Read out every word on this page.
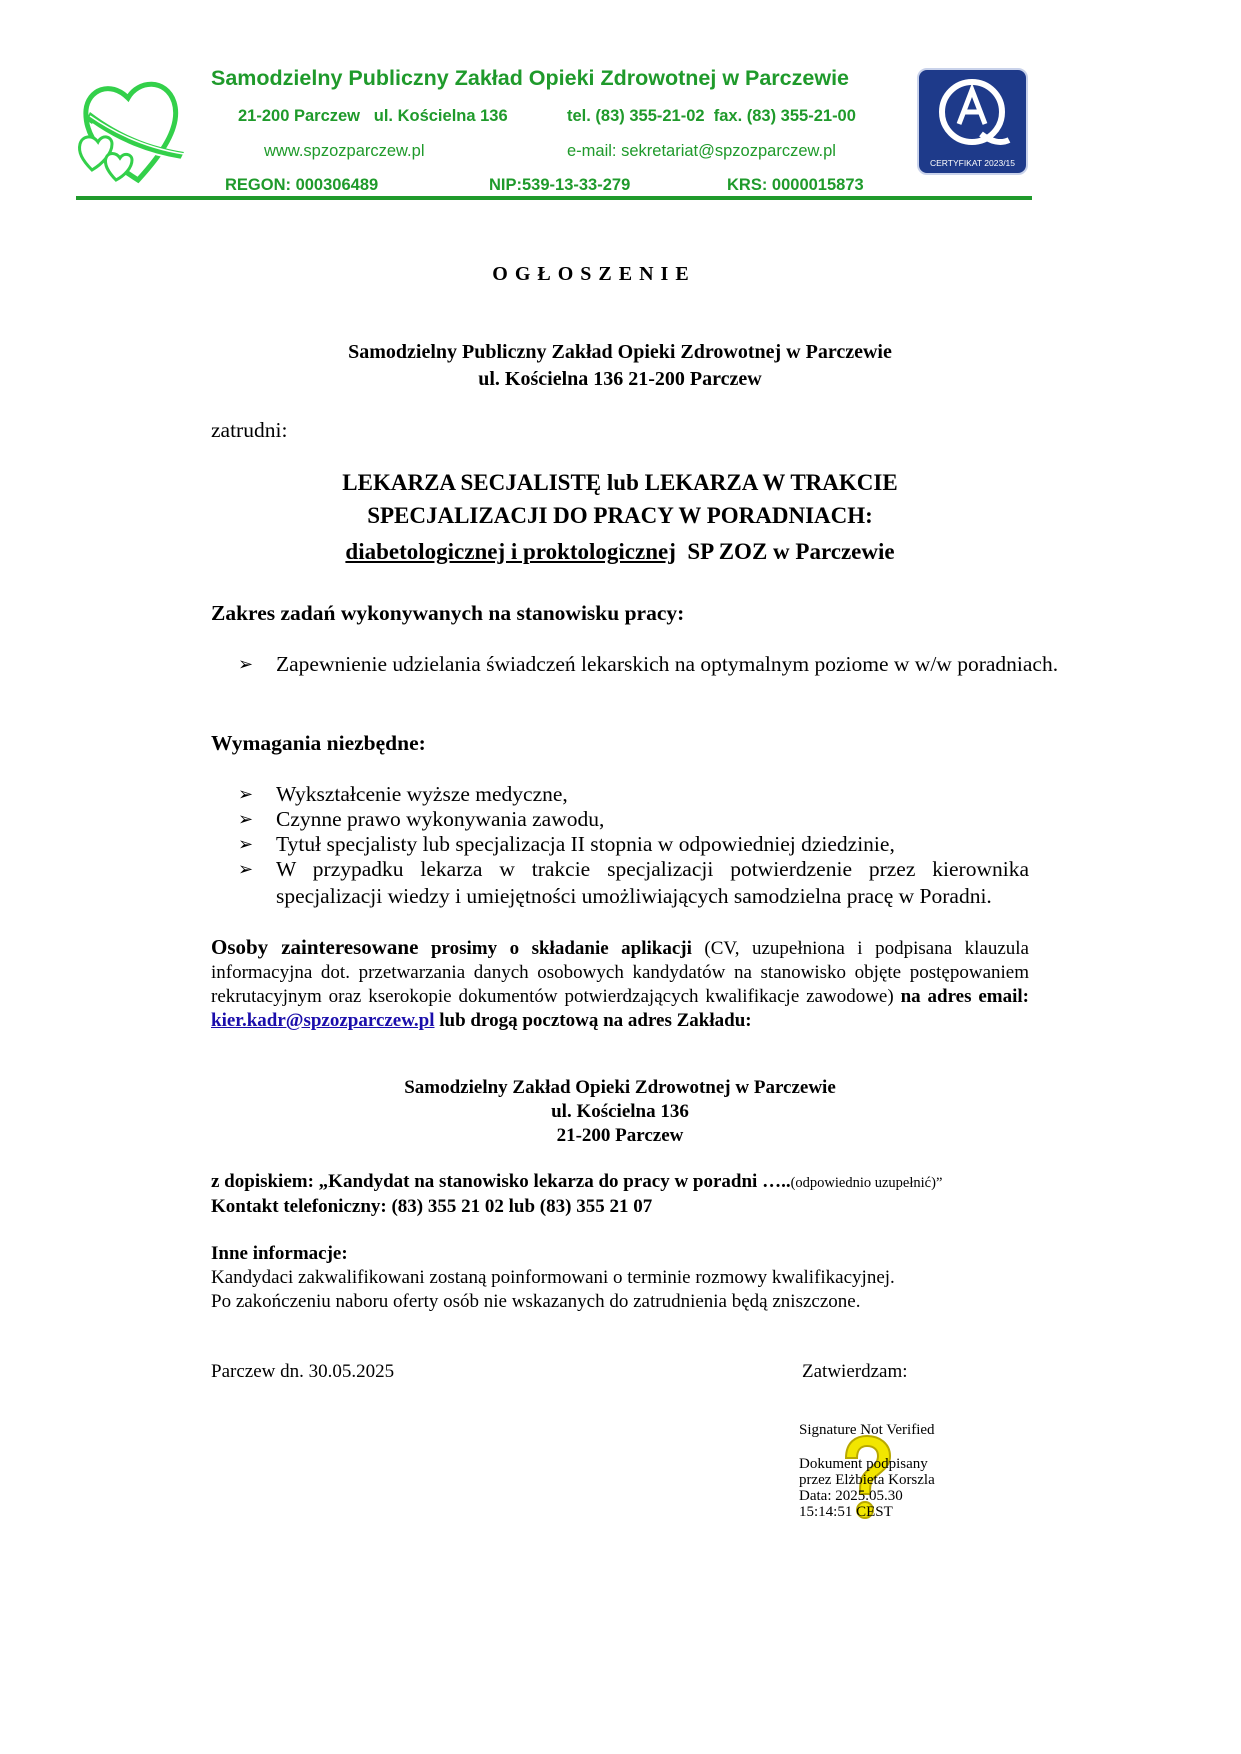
Samodzielny Publiczny Zakład Opieki Zdrowotnej w Parczewie
21-200 Parczew   ul. Kościelna 136	tel. (83) 355-21-02  fax. (83) 355-21-00
www.spzozparczew.pl	e-mail: sekretariat@spzozparczew.pl
REGON: 000306489	NIP:539-13-33-279	KRS: 0000015873
CERTYFIKAT 2023/15
O G Ł O S Z E N I E
Samodzielny Publiczny Zakład Opieki Zdrowotnej w Parczewie
ul. Kościelna 136 21-200 Parczew
zatrudni:
LEKARZA SECJALISTĘ lub LEKARZA W TRAKCIE
SPECJALIZACJI DO PRACY W PORADNIACH:
diabetologicznej i proktologicznej  SP ZOZ w Parczewie
Zakres zadań wykonywanych na stanowisku pracy:
➢ Zapewnienie udzielania świadczeń lekarskich na optymalnym poziome w w/w poradniach.
Wymagania niezbędne:
➢ Wykształcenie wyższe medyczne,
➢ Czynne prawo wykonywania zawodu,
➢ Tytuł specjalisty lub specjalizacja II stopnia w odpowiedniej dziedzinie,
➢ W przypadku lekarza w trakcie specjalizacji potwierdzenie przez kierownika specjalizacji wiedzy i umiejętności umożliwiających samodzielna pracę w Poradni.
Osoby zainteresowane prosimy o składanie aplikacji (CV, uzupełniona i podpisana klauzula informacyjna dot. przetwarzania danych osobowych kandydatów na stanowisko objęte postępowaniem rekrutacyjnym oraz kserokopie dokumentów potwierdzających kwalifikacje zawodowe) na adres email: kier.kadr@spzozparczew.pl lub drogą pocztową na adres Zakładu:
Samodzielny Zakład Opieki Zdrowotnej w Parczewie
ul. Kościelna 136
21-200 Parczew
z dopiskiem: „Kandydat na stanowisko lekarza do pracy w poradni …..(odpowiednio uzupełnić)”
Kontakt telefoniczny: (83) 355 21 02 lub (83) 355 21 07
Inne informacje:
Kandydaci zakwalifikowani zostaną poinformowani o terminie rozmowy kwalifikacyjnej.
Po zakończeniu naboru oferty osób nie wskazanych do zatrudnienia będą zniszczone.
Parczew dn. 30.05.2025	Zatwierdzam:
Signature Not Verified
Dokument podpisany
przez Elżbieta Korszla
Data: 2025.05.30
15:14:51 CEST
